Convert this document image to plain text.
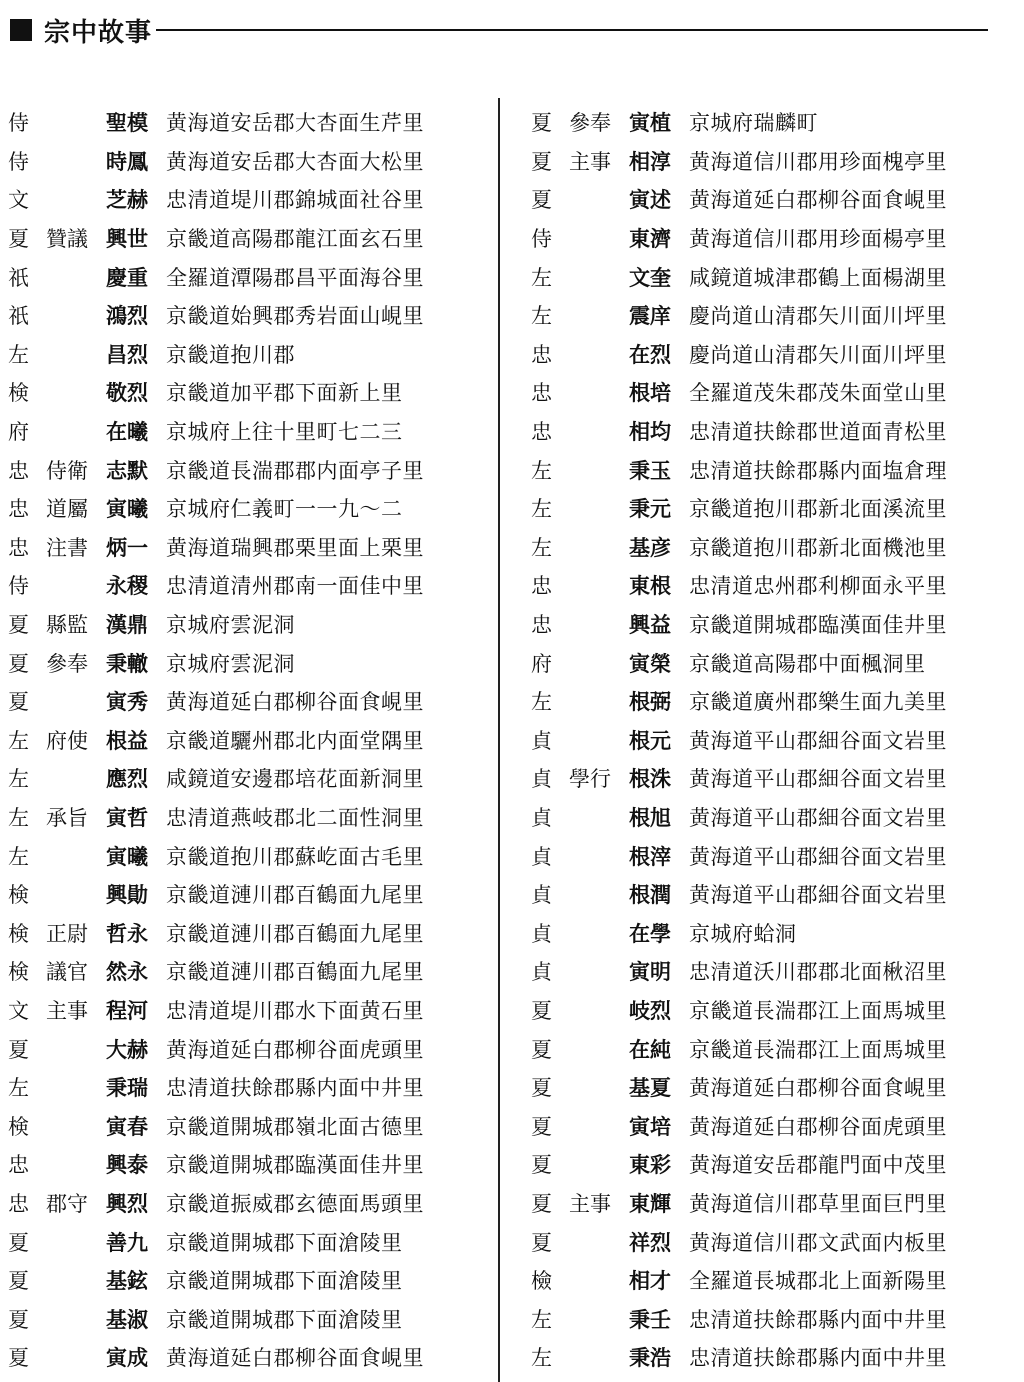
宗中故事
侍	聖模 黄海道安岳郡大杏面生芹里
侍	時鳳 黄海道安岳郡大杏面大松里
文	芝赫 忠清道堤川郡錦城面社谷里
夏 贊議 興世 京畿道高陽郡龍江面玄石里
祇	慶重 全羅道潭陽郡昌平面海谷里
祇	鴻烈 京畿道始興郡秀岩面山峴里
左	昌烈 京畿道抱川郡
検	敬烈 京畿道加平郡下面新上里
府	在曦 京城府上往十里町七二三
忠 侍衛 志默 京畿道長湍郡郡内面亭子里
忠 道屬 寅曦 京城府仁義町一一九〜二
忠 注書 炳一 黄海道瑞興郡栗里面上栗里
侍	永稷 忠清道清州郡南一面佳中里
夏 縣監 漢鼎 京城府雲泥洞
夏 參奉 秉轍 京城府雲泥洞
夏	寅秀 黄海道延白郡柳谷面食峴里
左 府使 根益 京畿道驪州郡北内面堂隅里
左	應烈 咸鏡道安邊郡培花面新洞里
左 承旨 寅哲 忠清道燕岐郡北二面性洞里
左	寅曦 京畿道抱川郡蘇屹面古毛里
検	興勛 京畿道漣川郡百鶴面九尾里
検 正尉 哲永 京畿道漣川郡百鶴面九尾里
検 議官 然永 京畿道漣川郡百鶴面九尾里
文 主事 程河 忠清道堤川郡水下面黄石里
夏	大赫 黄海道延白郡柳谷面虎頭里
左	秉瑞 忠清道扶餘郡縣内面中井里
検	寅春 京畿道開城郡嶺北面古德里
忠	興泰 京畿道開城郡臨漢面佳井里
忠 郡守 興烈 京畿道振威郡玄德面馬頭里
夏	善九 京畿道開城郡下面滄陵里
夏	基鉉 京畿道開城郡下面滄陵里
夏	基淑 京畿道開城郡下面滄陵里
夏	寅成 黄海道延白郡柳谷面食峴里
夏 參奉 寅植 京城府瑞麟町
夏 主事 相淳 黄海道信川郡用珍面槐亭里
夏	寅述 黄海道延白郡柳谷面食峴里
侍	東濟 黄海道信川郡用珍面楊亭里
左	文奎 咸鏡道城津郡鶴上面楊湖里
左	震庠 慶尚道山清郡矢川面川坪里
忠	在烈 慶尚道山清郡矢川面川坪里
忠	根培 全羅道茂朱郡茂朱面堂山里
忠	相均 忠清道扶餘郡世道面青松里
左	秉玉 忠清道扶餘郡縣内面塩倉理
左	秉元 京畿道抱川郡新北面溪流里
左	基彦 京畿道抱川郡新北面機池里
忠	東根 忠清道忠州郡利柳面永平里
忠	興益 京畿道開城郡臨漢面佳井里
府	寅榮 京畿道高陽郡中面楓洞里
左	根弼 京畿道廣州郡樂生面九美里
貞	根元 黄海道平山郡細谷面文岩里
貞 學行 根洙 黄海道平山郡細谷面文岩里
貞	根旭 黄海道平山郡細谷面文岩里
貞	根滓 黄海道平山郡細谷面文岩里
貞	根潤 黄海道平山郡細谷面文岩里
貞	在學 京城府蛤洞
貞	寅明 忠清道沃川郡郡北面楸沼里
夏	岐烈 京畿道長湍郡江上面馬城里
夏	在純 京畿道長湍郡江上面馬城里
夏	基夏 黄海道延白郡柳谷面食峴里
夏	寅培 黄海道延白郡柳谷面虎頭里
夏	東彩 黄海道安岳郡龍門面中茂里
夏 主事 東輝 黄海道信川郡草里面巨門里
夏	祥烈 黄海道信川郡文武面内板里
檢	相才 全羅道長城郡北上面新陽里
左	秉壬 忠清道扶餘郡縣内面中井里
左	秉浩 忠清道扶餘郡縣内面中井里
